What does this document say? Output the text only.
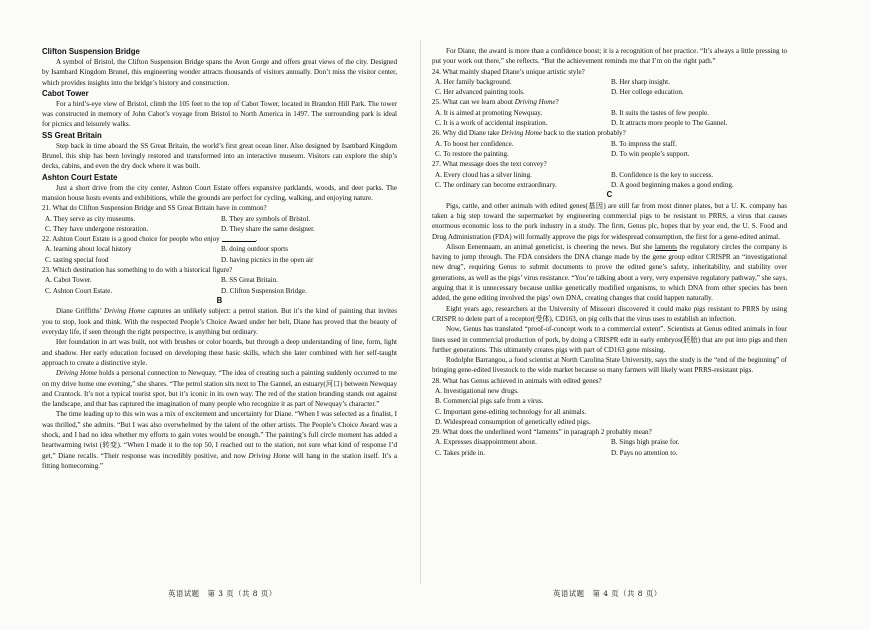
Clifton Suspension Bridge
A symbol of Bristol, the Clifton Suspension Bridge spans the Avon Gorge and offers great views of the city. Designed by Isambard Kingdom Brunel, this engineering wonder attracts thousands of visitors annually. Don’t miss the visitor center, which provides insights into the bridge’s history and construction.
Cabot Tower
For a bird’s-eye view of Bristol, climb the 105 feet to the top of Cabot Tower, located in Brandon Hill Park. The tower was constructed in memory of John Cabot’s voyage from Bristol to North America in 1497. The surrounding park is ideal for picnics and leisurely walks.
SS Great Britain
Step back in time aboard the SS Great Britain, the world’s first great ocean liner. Also designed by Isambard Kingdom Brunel, this ship has been lovingly restored and transformed into an interactive museum. Visitors can explore the ship’s decks, cabins, and even the dry dock where it was built.
Ashton Court Estate
Just a short drive from the city center, Ashton Court Estate offers expansive parklands, woods, and deer parks. The mansion house hosts events and exhibitions, while the grounds are perfect for cycling, walking, and enjoying nature.
21. What do Clifton Suspension Bridge and SS Great Britain have in common?
A. They serve as city museums.	B. They are symbols of Bristol.
C. They have undergone restoration.	D. They share the same designer.
22. Ashton Court Estate is a good choice for people who enjoy	.
A. learning about local history	B. doing outdoor sports
C. tasting special food	D. having picnics in the open air
23. Which destination has something to do with a historical figure?
A. Cabot Tower.	B. SS Great Britain.
C. Ashton Court Estate.	D. Clifton Suspension Bridge.
B
Diane Griffiths’ Driving Home captures an unlikely subject: a petrol station. But it’s the kind of painting that invites you to stop, look and think. With the respected People’s Choice Award under her belt, Diane has proved that the beauty of everyday life, if seen through the right perspective, is anything but ordinary.
Her foundation in art was built, not with brushes or color boards, but through a deep understanding of line, form, light and shadow. Her early education focused on developing these basic skills, which she later combined with her self-taught approach to create a distinctive style.
Driving Home holds a personal connection to Newquay. “The idea of creating such a painting suddenly occurred to me on my drive home one evening,” she shares. “The petrol station sits next to The Gannel, an estuary(河口) between Newquay and Crantock. It’s not a typical tourist spot, but it’s iconic in its own way. The red of the station branding stands out against the landscape, and that has captured the imagination of many people who recognize it as part of Newquay’s character.”
The time leading up to this win was a mix of excitement and uncertainty for Diane. “When I was selected as a finalist, I was thrilled,” she admits. “But I was also overwhelmed by the talent of the other artists. The People’s Choice Award was a shock, and I had no idea whether my efforts to gain votes would be enough.” The painting’s full circle moment has added a heartwarming twist (转变). “When I made it to the top 50, I reached out to the station, not sure what kind of response I’d get,” Diane recalls. “Their response was incredibly positive, and now Driving Home will hang in the station itself. It’s a fitting homecoming.”
For Diane, the award is more than a confidence boost; it is a recognition of her practice. “It’s always a little pressing to put your work out there,” she reflects. “But the achievement reminds me that I’m on the right path.”
24. What mainly shaped Diane’s unique artistic style?
A. Her family background.	B. Her sharp insight.
C. Her advanced painting tools.	D. Her college education.
25. What can we learn about Driving Home?
A. It is aimed at promoting Newquay.	B. It suits the tastes of few people.
C. It is a work of accidental inspiration.	D. It attracts more people to The Gannel.
26. Why did Diane take Driving Home back to the station probably?
A. To boost her confidence.	B. To impress the staff.
C. To restore the painting.	D. To win people’s support.
27. What message does the text convey?
A. Every cloud has a silver lining.	B. Confidence is the key to success.
C. The ordinary can become extraordinary.	D. A good beginning makes a good ending.
C
Pigs, cattle, and other animals with edited genes(基因) are still far from most dinner plates, but a U. K. company has taken a big step toward the supermarket by engineering commercial pigs to be resistant to PRRS, a virus that causes enormous economic loss to the pork industry in a study. The firm, Genus plc, hopes that by year end, the U. S. Food and Drug Administration (FDA) will formally approve the pigs for widespread consumption, the first for a gene-edited animal.
Alison Eenennaam, an animal geneticist, is cheering the news. But she laments the regulatory circles the company is having to jump through. The FDA considers the DNA change made by the gene group editor CRISPR an “investigational new drug”, requiring Genus to submit documents to prove the edited gene’s safety, inheritability, and stability over generations, as well as the pigs’ virus resistance. “You’re talking about a very, very expensive regulatory pathway,” she says, arguing that it is unnecessary because unlike genetically modified organisms, to which DNA from other species has been added, the gene editing involved the pigs’ own DNA, creating changes that could happen naturally.
Eight years ago, researchers at the University of Missouri discovered it could make pigs resistant to PRRS by using CRISPR to delete part of a receptor(受体), CD163, on pig cells that the virus uses to establish an infection.
Now, Genus has translated “proof-of-concept work to a commercial extent”. Scientists at Genus edited animals in four lines used in commercial production of pork, by doing a CRISPR edit in early embryos(胚胎) that are put into pigs and then further generations. This ultimately creates pigs with part of CD163 gene missing.
Rodolphe Barrangou, a food scientist at North Carolina State University, says the study is the “end of the beginning” of bringing gene-edited livestock to the wide market because so many farmers will likely want PRRS-resistant pigs.
28. What has Genus achieved in animals with edited genes?
A. Investigational new drugs.
B. Commercial pigs safe from a virus.
C. Important gene-editing technology for all animals.
D. Widespread consumption of genetically edited pigs.
29. What does the underlined word “laments” in paragraph 2 probably mean?
A. Expresses disappointment about.	B. Sings high praise for.
C. Takes pride in.	D. Pays no attention to.
英语试题　第 3 页（共 8 页）	英语试题　第 4 页（共 8 页）
